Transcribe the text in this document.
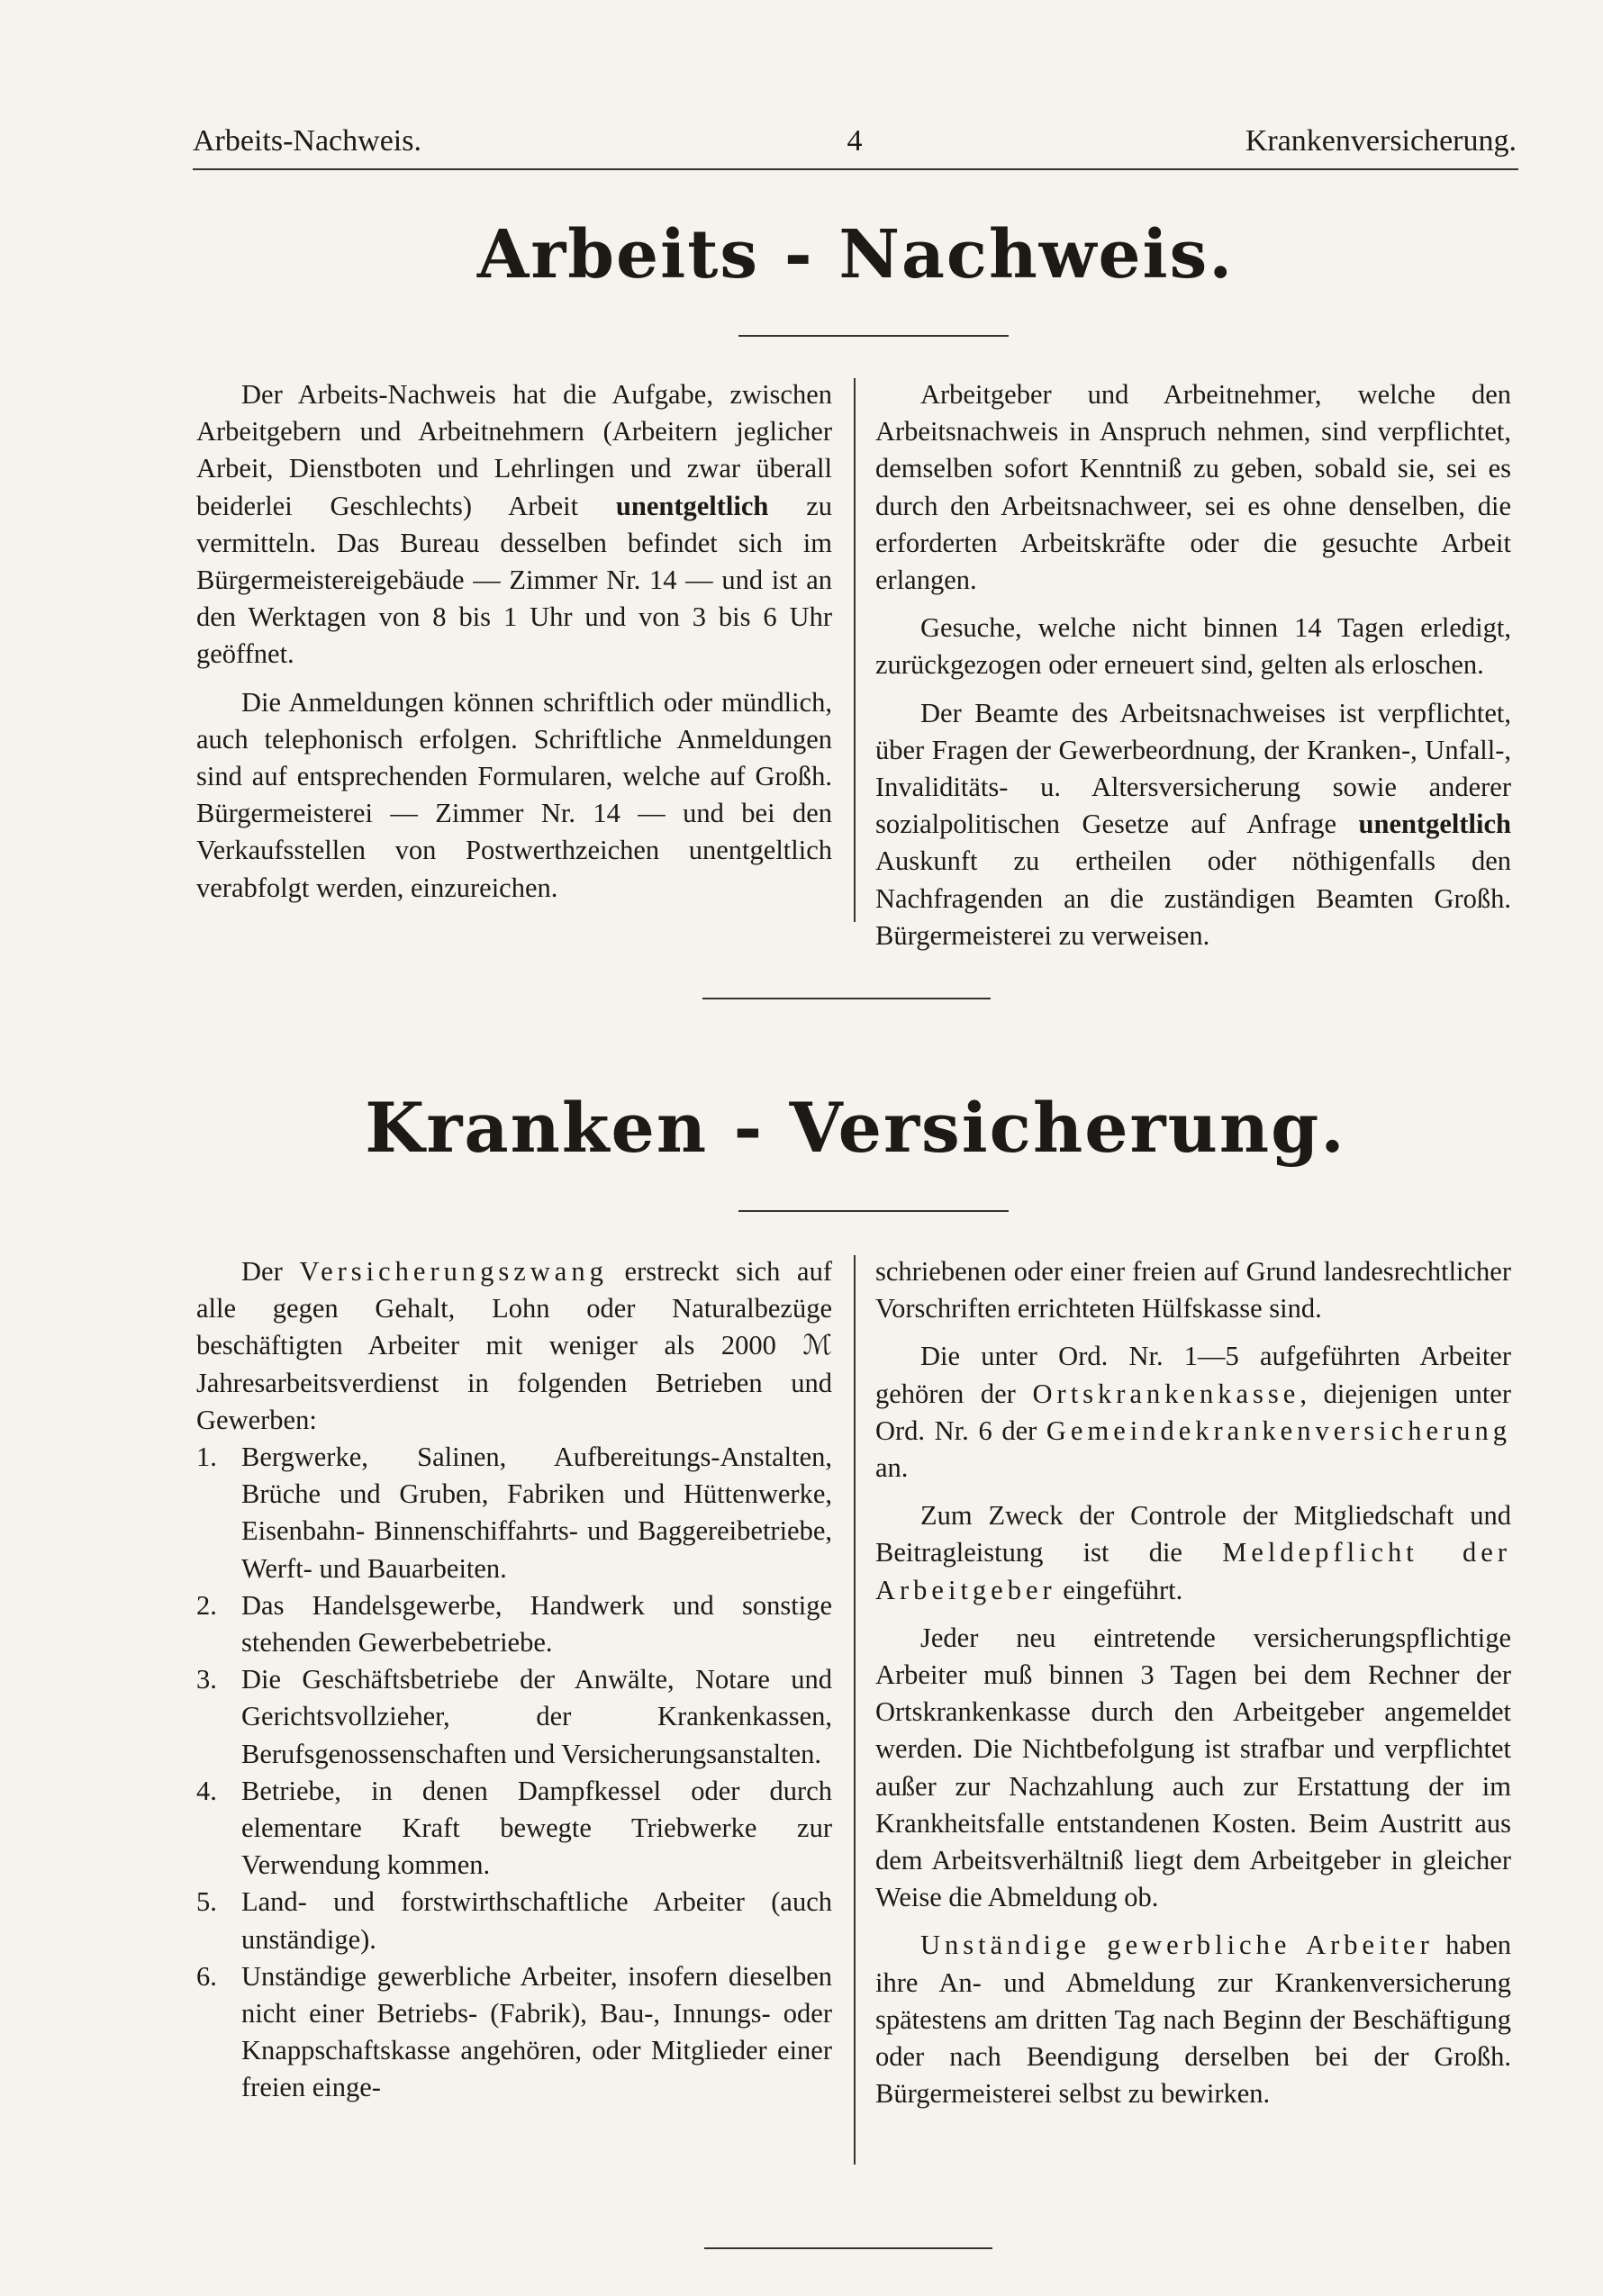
Arbeits-Nachweis.	4	Krankenversicherung.
Arbeits - Nachweis.

Der Arbeits-Nachweis hat die Aufgabe, zwischen Arbeitgebern und Arbeitnehmern (Arbeitern jeglicher Arbeit, Dienstboten und Lehrlingen und zwar überall beiderlei Geschlechts) Arbeit unentgeltlich zu vermitteln. Das Bureau desselben befindet sich im Bürgermeistereigebäude — Zimmer Nr. 14 — und ist an den Werktagen von 8 bis 1 Uhr und von 3 bis 6 Uhr geöffnet.

Die Anmeldungen können schriftlich oder mündlich, auch telephonisch erfolgen. Schriftliche Anmeldungen sind auf entsprechenden Formularen, welche auf Großh. Bürgermeisterei — Zimmer Nr. 14 — und bei den Verkaufsstellen von Postwerthzeichen unentgeltlich verabfolgt werden, einzureichen.

Arbeitgeber und Arbeitnehmer, welche den Arbeitsnachweis in Anspruch nehmen, sind verpflichtet, demselben sofort Kenntniß zu geben, sobald sie, sei es durch den Arbeitsnachweer, sei es ohne denselben, die erforderten Arbeitskräfte oder die gesuchte Arbeit erlangen.

Gesuche, welche nicht binnen 14 Tagen erledigt, zurückgezogen oder erneuert sind, gelten als erloschen.

Der Beamte des Arbeitsnachweises ist verpflichtet, über Fragen der Gewerbeordnung, der Kranken-, Unfall-, Invaliditäts- u. Altersversicherung sowie anderer sozialpolitischen Gesetze auf Anfrage unentgeltlich Auskunft zu ertheilen oder nöthigenfalls den Nachfragenden an die zuständigen Beamten Großh. Bürgermeisterei zu verweisen.

Kranken - Versicherung.

Der Versicherungszwang erstreckt sich auf alle gegen Gehalt, Lohn oder Naturalbezüge beschäftigten Arbeiter mit weniger als 2000 ℳ Jahresarbeitsverdienst in folgenden Betrieben und Gewerben:

1. Bergwerke, Salinen, Aufbereitungs-Anstalten, Brüche und Gruben, Fabriken und Hüttenwerke, Eisenbahn- Binnenschiffahrts- und Baggereibetriebe, Werft- und Bauarbeiten.
2. Das Handelsgewerbe, Handwerk und sonstige stehenden Gewerbebetriebe.
3. Die Geschäftsbetriebe der Anwälte, Notare und Gerichtsvollzieher, der Krankenkassen, Berufsgenossenschaften und Versicherungsanstalten.
4. Betriebe, in denen Dampfkessel oder durch elementare Kraft bewegte Triebwerke zur Verwendung kommen.
5. Land- und forstwirthschaftliche Arbeiter (auch unständige).
6. Unständige gewerbliche Arbeiter, insofern dieselben nicht einer Betriebs- (Fabrik), Bau-, Innungs- oder Knappschaftskasse angehören, oder Mitglieder einer freien einge-

schriebenen oder einer freien auf Grund landesrechtlicher Vorschriften errichteten Hülfskasse sind.

Die unter Ord. Nr. 1—5 aufgeführten Arbeiter gehören der Ortskrankenkasse, diejenigen unter Ord. Nr. 6 der Gemeindekrankenversicherung an.

Zum Zweck der Controle der Mitgliedschaft und Beitragleistung ist die Meldepflicht der Arbeitgeber eingeführt.

Jeder neu eintretende versicherungspflichtige Arbeiter muß binnen 3 Tagen bei dem Rechner der Ortskrankenkasse durch den Arbeitgeber angemeldet werden. Die Nichtbefolgung ist strafbar und verpflichtet außer zur Nachzahlung auch zur Erstattung der im Krankheitsfalle entstandenen Kosten. Beim Austritt aus dem Arbeitsverhältniß liegt dem Arbeitgeber in gleicher Weise die Abmeldung ob.

Unständige gewerbliche Arbeiter haben ihre An- und Abmeldung zur Krankenversicherung spätestens am dritten Tag nach Beginn der Beschäftigung oder nach Beendigung derselben bei der Großh. Bürgermeisterei selbst zu bewirken.
